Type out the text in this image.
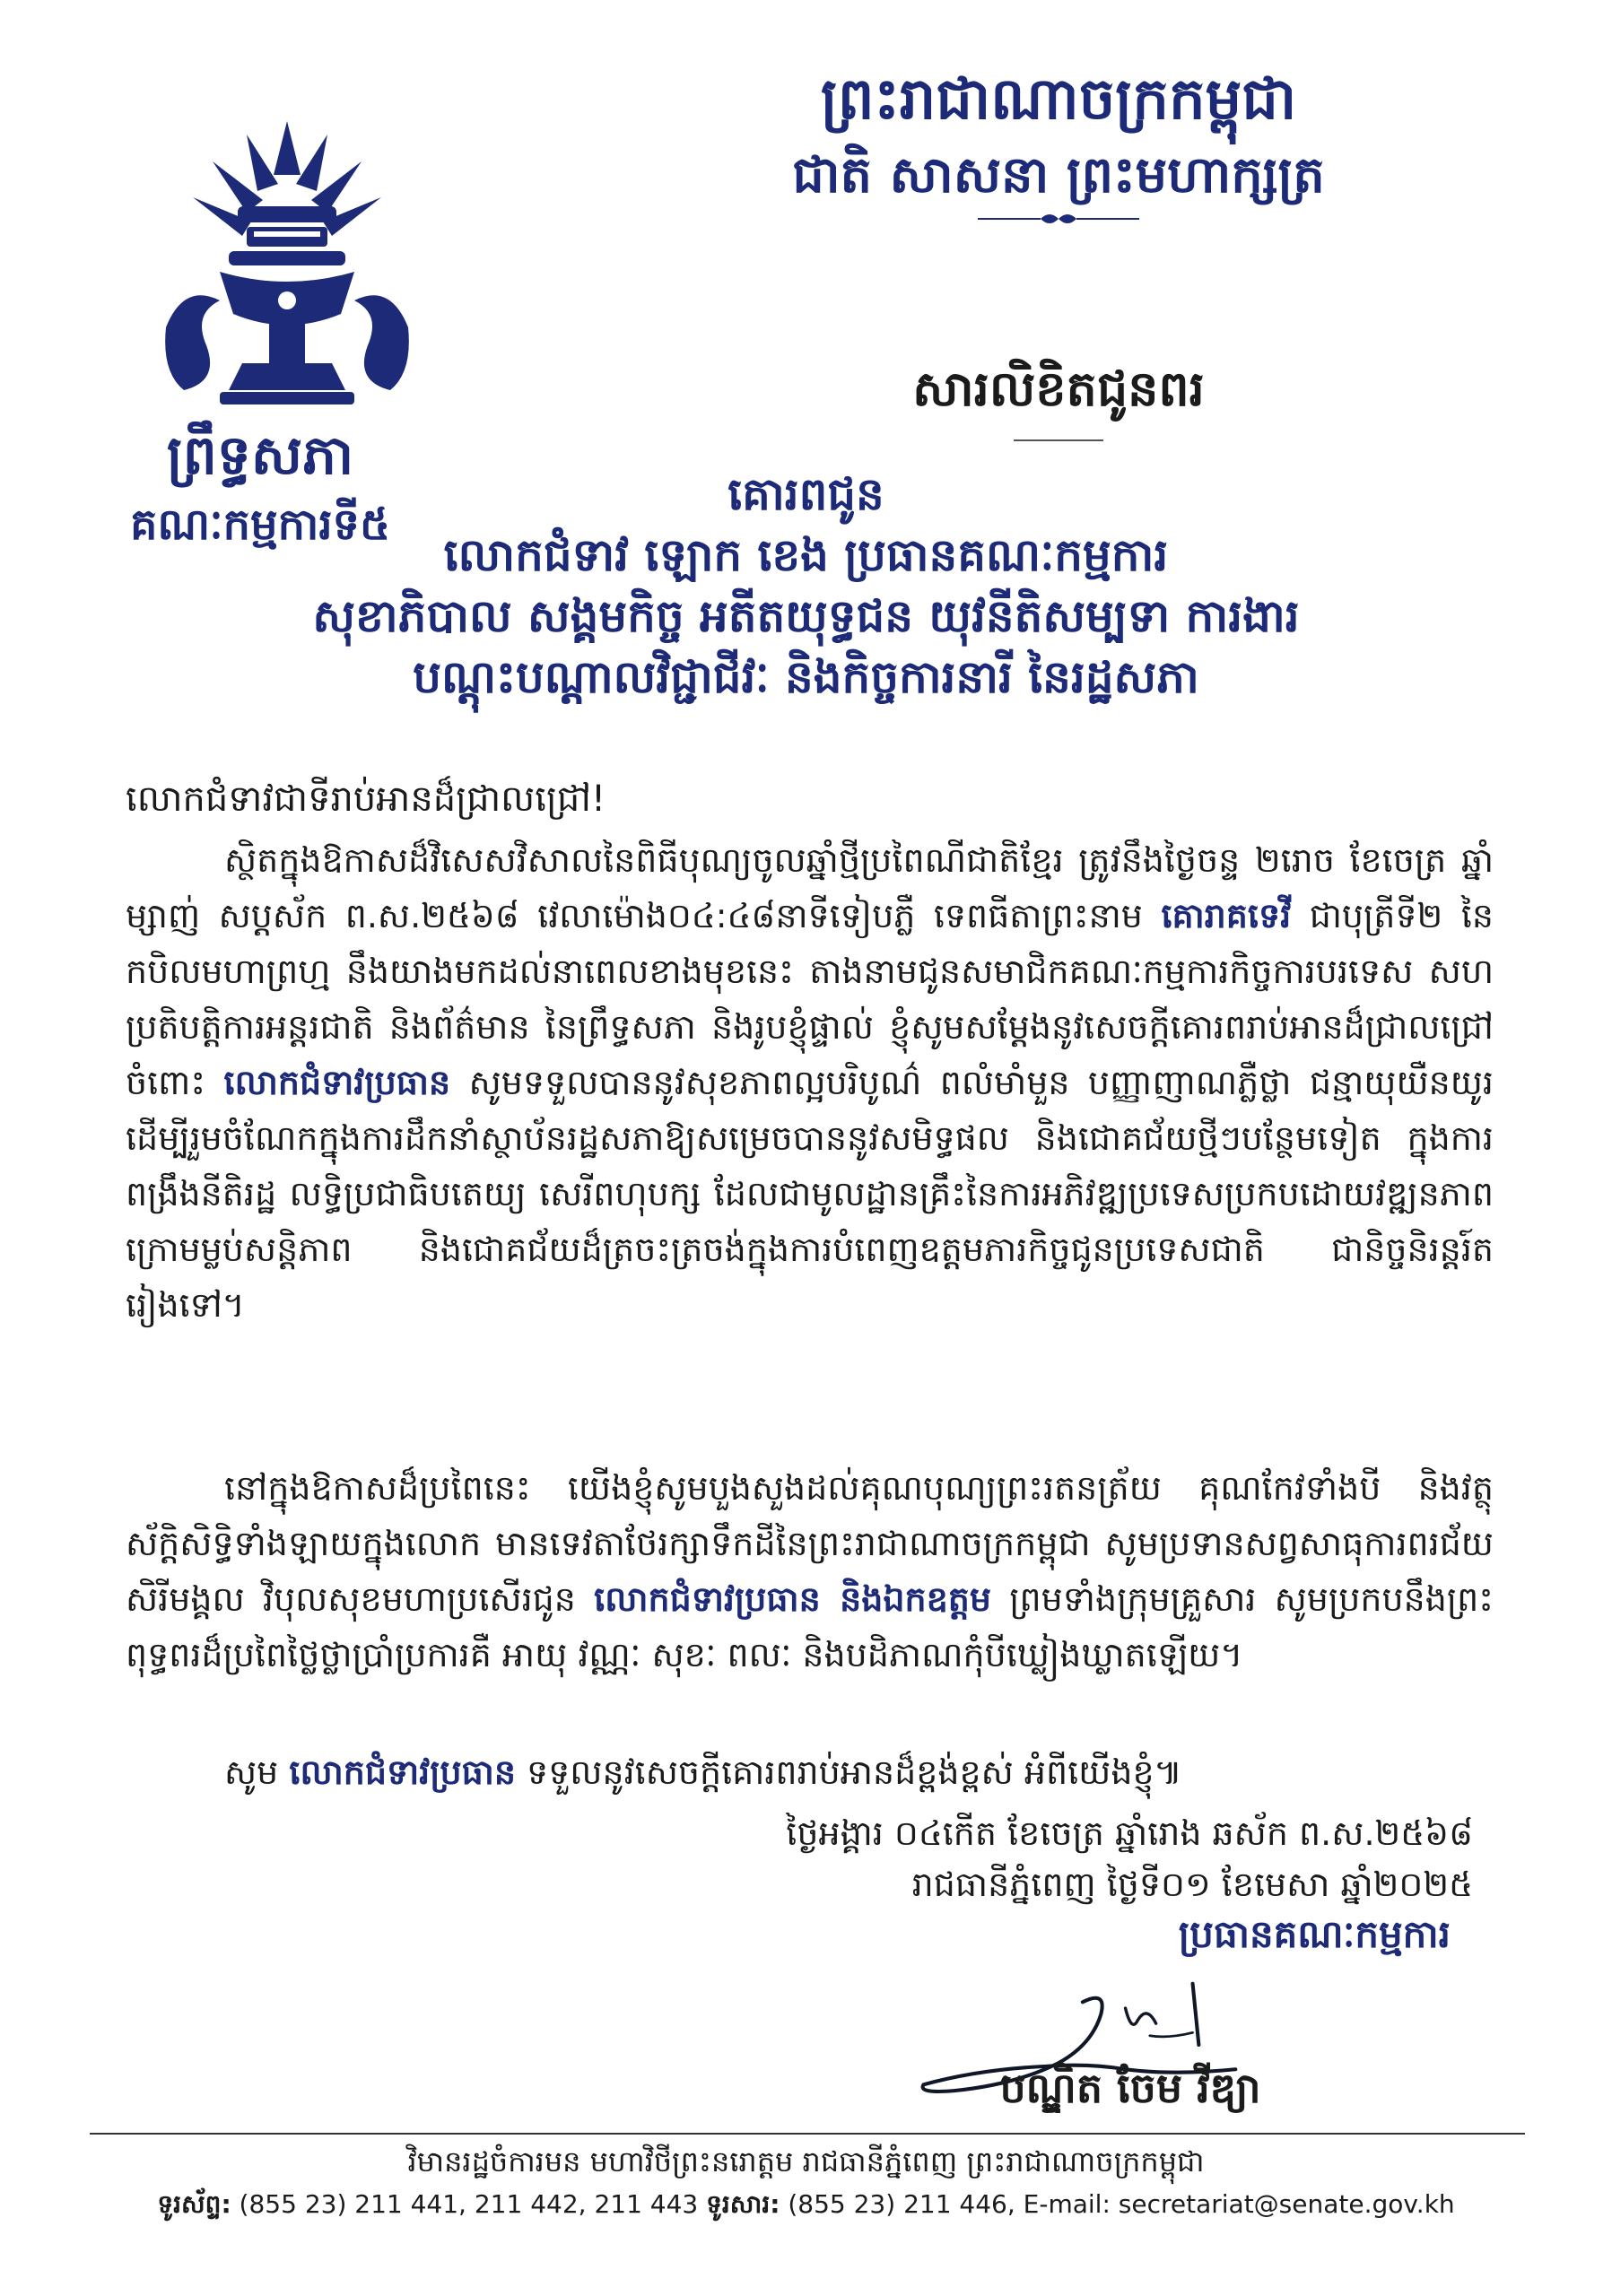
ព្រឹទ្ធសភា
គណៈកម្មការទី៥
ព្រះរាជាណាចក្រកម្ពុជា
ជាតិ សាសនា ព្រះមហាក្សត្រ
សារលិខិតជូនពរ
គោរពជូន
លោកជំទាវ ឡោក ខេង ប្រធានគណៈកម្មការ
សុខាភិបាល សង្គមកិច្ច អតីតយុទ្ធជន យុវនីតិសម្បទា ការងារ
បណ្តុះបណ្តាលវិជ្ជាជីវៈ និងកិច្ចការនារី នៃរដ្ឋសភា
លោកជំទាវជាទីរាប់អានដ៏ជ្រាលជ្រៅ!
ស្ថិតក្នុងឱកាសដ៏វិសេសវិសាលនៃពិធីបុណ្យចូលឆ្នាំថ្មីប្រពៃណីជាតិខ្មែរ ត្រូវនឹងថ្ងៃចន្ទ ២រោច ខែចេត្រ ឆ្នាំម្សាញ់ សប្តស័ក ព.ស.២៥៦៨ វេលាម៉ោង០៤:៤៨នាទីទៀបភ្លឺ ទេពធីតាព្រះនាម គោរាគទេវី ជាបុត្រីទី២ នៃកបិលមហាព្រហ្ម នឹងយាងមកដល់នាពេលខាងមុខនេះ តាងនាមជូនសមាជិកគណៈកម្មការកិច្ចការបរទេស សហប្រតិបត្តិការអន្តរជាតិ និងព័ត៌មាន នៃព្រឹទ្ធសភា និងរូបខ្ញុំផ្ទាល់ ខ្ញុំសូមសម្តែងនូវសេចក្តីគោរពរាប់អានដ៏ជ្រាលជ្រៅចំពោះ លោកជំទាវប្រធាន សូមទទួលបាននូវសុខភាពល្អបរិបូណ៌ ពលំមាំមួន បញ្ញាញាណភ្លឺថ្លា ជន្មាយុយឺនយូរ ដើម្បីរួមចំណែកក្នុងការដឹកនាំស្ថាប័នរដ្ឋសភាឱ្យសម្រេចបាននូវសមិទ្ធផល និងជោគជ័យថ្មីៗបន្ថែមទៀត ក្នុងការពង្រឹងនីតិរដ្ឋ លទ្ធិប្រជាធិបតេយ្យ សេរីពហុបក្ស ដែលជាមូលដ្ឋានគ្រឹះនៃការអភិវឌ្ឍប្រទេសប្រកបដោយវឌ្ឍនភាព ក្រោមម្លប់សន្តិភាព និងជោគជ័យដ៏ត្រចះត្រចង់ក្នុងការបំពេញឧត្តមភារកិច្ចជូនប្រទេសជាតិ ជានិច្ចនិរន្តរ៍តរៀងទៅ។
នៅក្នុងឱកាសដ៏ប្រពៃនេះ យើងខ្ញុំសូមបួងសួងដល់គុណបុណ្យព្រះរតនត្រ័យ គុណកែវទាំងបី និងវត្ថុស័ក្តិសិទ្ធិទាំងឡាយក្នុងលោក មានទេវតាថែរក្សាទឹកដីនៃព្រះរាជាណាចក្រកម្ពុជា សូមប្រទានសព្វសាធុការពរជ័យ សិរីមង្គល វិបុលសុខមហាប្រសើរជូន លោកជំទាវប្រធាន និងឯកឧត្តម ព្រមទាំងក្រុមគ្រួសារ សូមប្រកបនឹងព្រះពុទ្ធពរដ៏ប្រពៃថ្លៃថ្លាប្រាំប្រការគឺ អាយុ វណ្ណៈ សុខៈ ពលៈ និងបដិភាណកុំបីឃ្លៀងឃ្លាតឡើយ។
សូម លោកជំទាវប្រធាន ទទួលនូវសេចក្តីគោរពរាប់អានដ៏ខ្ពង់ខ្ពស់ អំពីយើងខ្ញុំ៕
ថ្ងៃអង្គារ ០៤កើត ខែចេត្រ ឆ្នាំរោង ឆស័ក ព.ស.២៥៦៨
រាជធានីភ្នំពេញ ថ្ងៃទី០១ ខែមេសា ឆ្នាំ២០២៥
ប្រធានគណៈកម្មការ
បណ្ឌិត ចែម វីឌ្យា
វិមានរដ្ឋចំការមន មហាវិថីព្រះនរោត្តម រាជធានីភ្នំពេញ ព្រះរាជាណាចក្រកម្ពុជា
ទូរស័ព្ទ: (855 23) 211 441, 211 442, 211 443 ទូរសារ: (855 23) 211 446, E-mail: secretariat@senate.gov.kh
